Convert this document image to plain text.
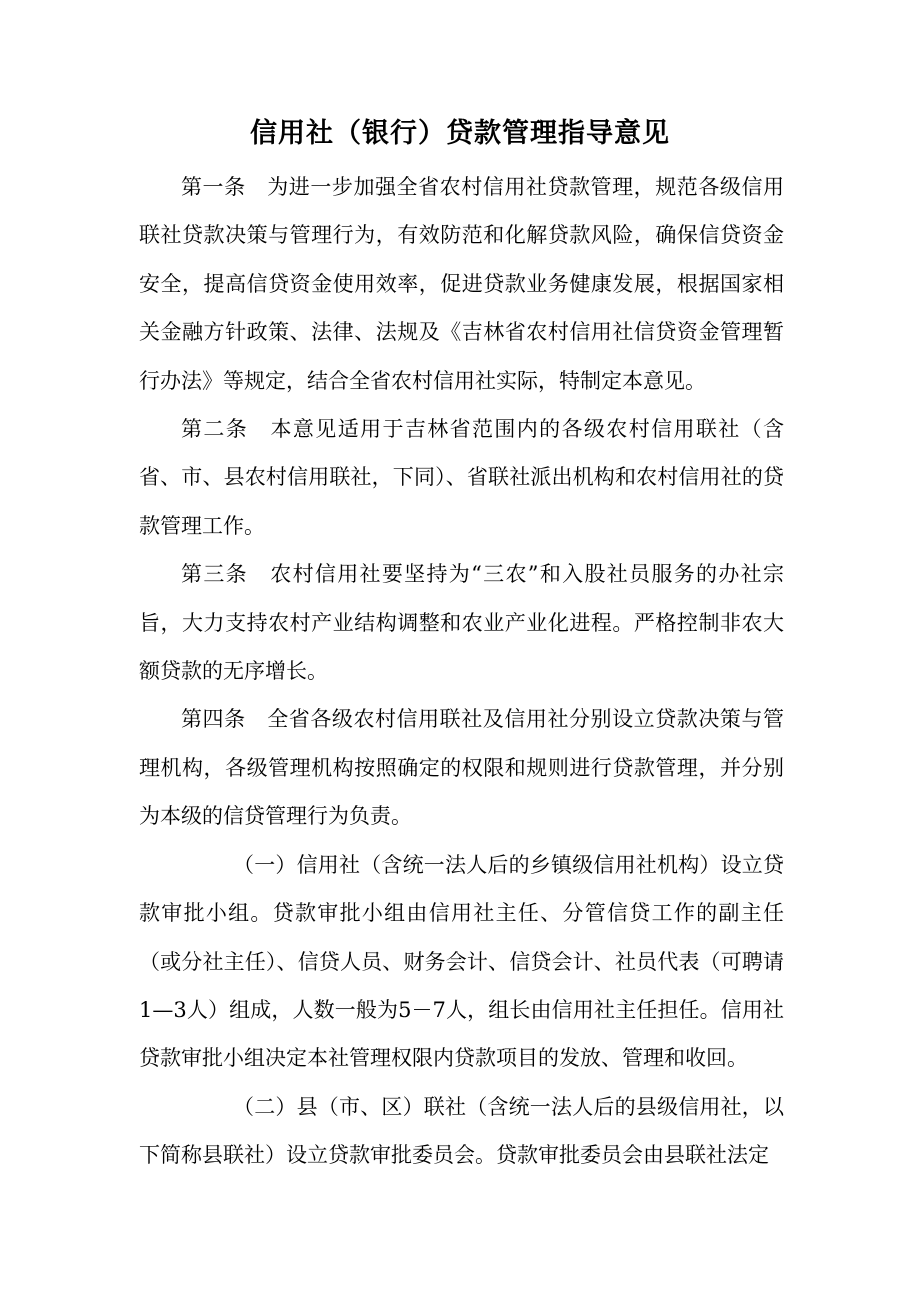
信用社（银行）贷款管理指导意见

第一条　为进一步加强全省农村信用社贷款管理，规范各级信用联社贷款决策与管理行为，有效防范和化解贷款风险，确保信贷资金安全，提高信贷资金使用效率，促进贷款业务健康发展，根据国家相关金融方针政策、法律、法规及《吉林省农村信用社信贷资金管理暂行办法》等规定，结合全省农村信用社实际，特制定本意见。

第二条　本意见适用于吉林省范围内的各级农村信用联社（含省、市、县农村信用联社，下同）、省联社派出机构和农村信用社的贷款管理工作。

第三条　农村信用社要坚持为“三农”和入股社员服务的办社宗旨，大力支持农村产业结构调整和农业产业化进程。严格控制非农大额贷款的无序增长。

第四条　全省各级农村信用联社及信用社分别设立贷款决策与管理机构，各级管理机构按照确定的权限和规则进行贷款管理，并分别为本级的信贷管理行为负责。

（一）信用社（含统一法人后的乡镇级信用社机构）设立贷款审批小组。贷款审批小组由信用社主任、分管信贷工作的副主任（或分社主任）、信贷人员、财务会计、信贷会计、社员代表（可聘请1—3人）组成，人数一般为5－7人，组长由信用社主任担任。信用社贷款审批小组决定本社管理权限内贷款项目的发放、管理和收回。

（二）县（市、区）联社（含统一法人后的县级信用社，以下简称县联社）设立贷款审批委员会。贷款审批委员会由县联社法定
